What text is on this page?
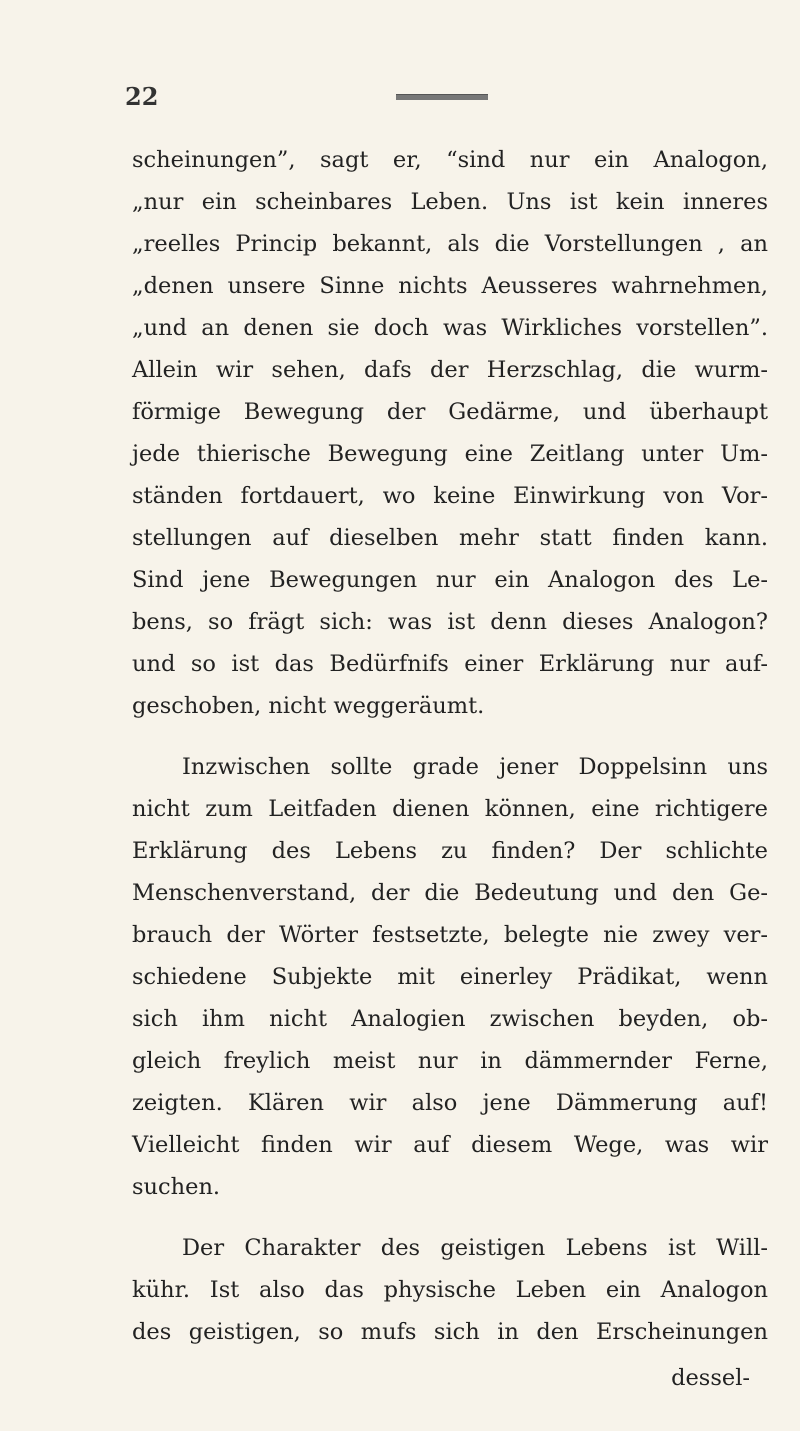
22
scheinungen”, sagt er, “sind nur ein Analogon,
„nur ein scheinbares Leben. Uns ist kein inneres
„reelles Princip bekannt, als die Vorstellungen , an
„denen unsere Sinne nichts Aeusseres wahrnehmen,
„und an denen sie doch was Wirkliches vorstellen”.
Allein wir sehen, dafs der Herzschlag, die wurm-
förmige Bewegung der Gedärme, und überhaupt
jede thierische Bewegung eine Zeitlang unter Um-
ständen fortdauert, wo keine Einwirkung von Vor-
stellungen auf dieselben mehr statt finden kann.
Sind jene Bewegungen nur ein Analogon des Le-
bens, so frägt sich: was ist denn dieses Analogon?
und so ist das Bedürfnifs einer Erklärung nur auf-
geschoben, nicht weggeräumt.
Inzwischen sollte grade jener Doppelsinn uns
nicht zum Leitfaden dienen können, eine richtigere
Erklärung des Lebens zu finden? Der schlichte
Menschenverstand, der die Bedeutung und den Ge-
brauch der Wörter festsetzte, belegte nie zwey ver-
schiedene Subjekte mit einerley Prädikat, wenn
sich ihm nicht Analogien zwischen beyden, ob-
gleich freylich meist nur in dämmernder Ferne,
zeigten. Klären wir also jene Dämmerung auf!
Vielleicht finden wir auf diesem Wege, was wir
suchen.
Der Charakter des geistigen Lebens ist Will-
kühr. Ist also das physische Leben ein Analogon
des geistigen, so mufs sich in den Erscheinungen
dessel-
